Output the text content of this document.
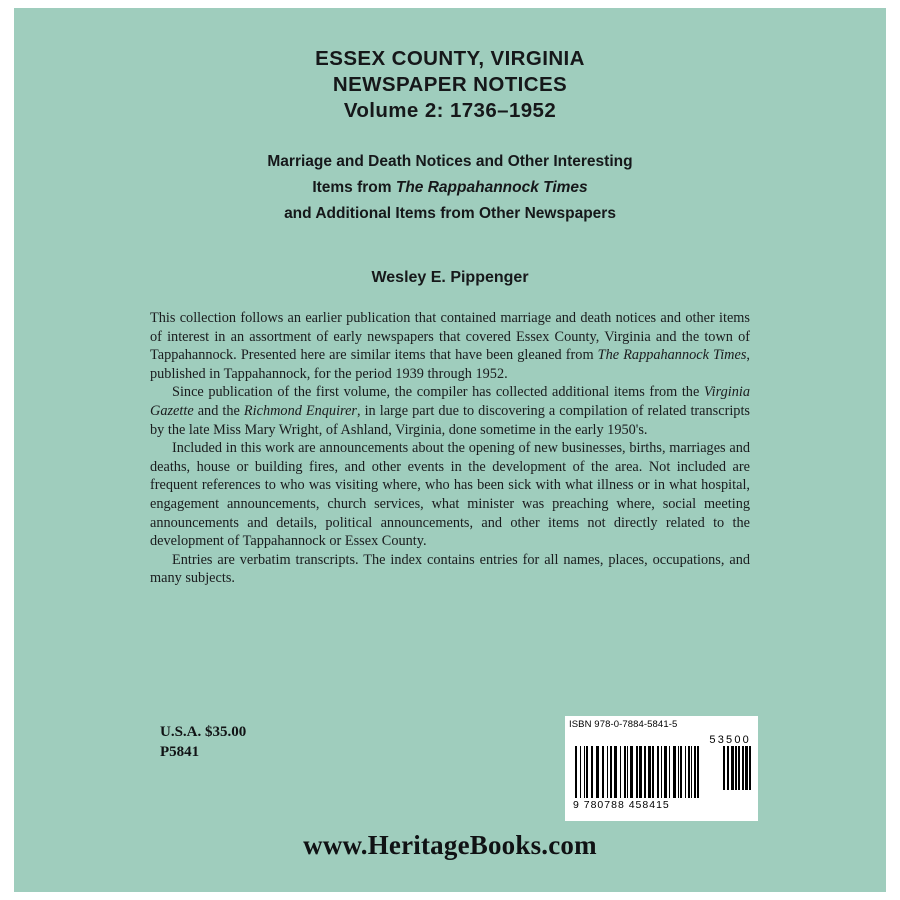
ESSEX COUNTY, VIRGINIA
NEWSPAPER NOTICES
Volume 2: 1736–1952
Marriage and Death Notices and Other Interesting
Items from The Rappahannock Times
and Additional Items from Other Newspapers
Wesley E. Pippenger

This collection follows an earlier publication that contained marriage and death notices and other items of interest in an assortment of early newspapers that covered Essex County, Virginia and the town of Tappahannock. Presented here are similar items that have been gleaned from The Rappahannock Times, published in Tappahannock, for the period 1939 through 1952.

Since publication of the first volume, the compiler has collected additional items from the Virginia Gazette and the Richmond Enquirer, in large part due to discovering a compilation of related transcripts by the late Miss Mary Wright, of Ashland, Virginia, done sometime in the early 1950's.

Included in this work are announcements about the opening of new businesses, births, marriages and deaths, house or building fires, and other events in the development of the area. Not included are frequent references to who was visiting where, who has been sick with what illness or in what hospital, engagement announcements, church services, what minister was preaching where, social meeting announcements and details, political announcements, and other items not directly related to the development of Tappahannock or Essex County.

Entries are verbatim transcripts. The index contains entries for all names, places, occupations, and many subjects.

U.S.A. $35.00
P5841
ISBN 978-0-7884-5841-5
53500
9 780788 458415
www.HeritageBooks.com
